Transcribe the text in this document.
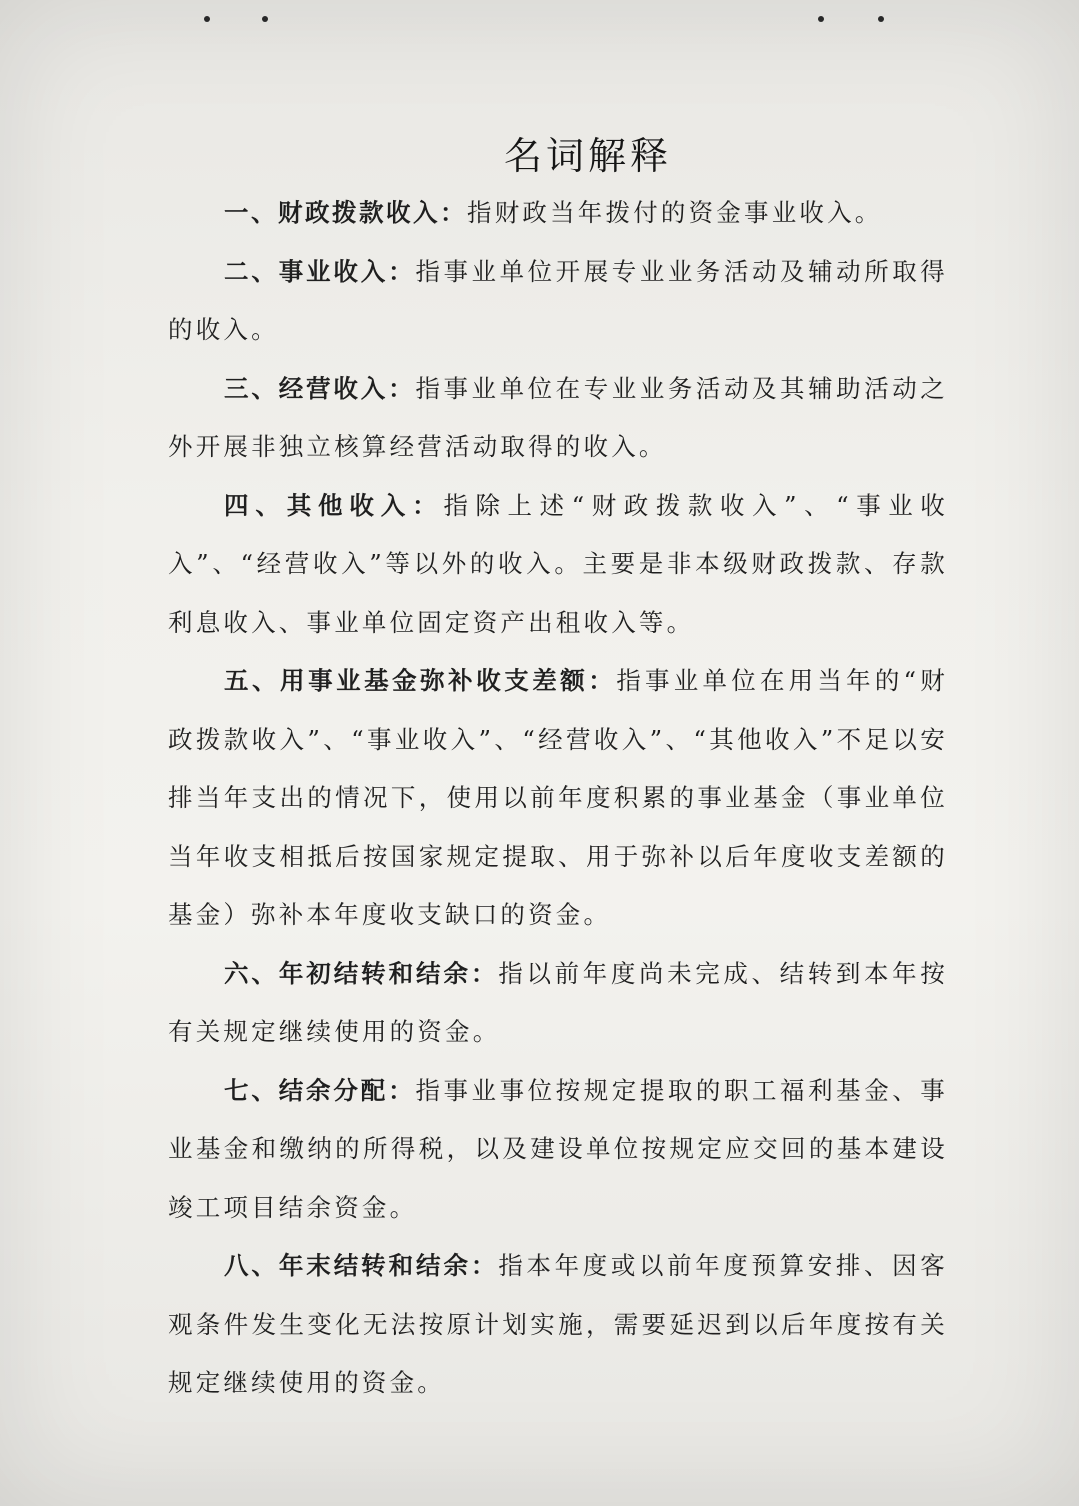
名词解释

一、财政拨款收入：指财政当年拨付的资金事业收入。

二、事业收入：指事业单位开展专业业务活动及辅动所取得的收入。

三、经营收入：指事业单位在专业业务活动及其辅助活动之外开展非独立核算经营活动取得的收入。

四、其他收入：指除上述“财政拨款收入”、“事业收入”、“经营收入”等以外的收入。主要是非本级财政拨款、存款利息收入、事业单位固定资产出租收入等。

五、用事业基金弥补收支差额：指事业单位在用当年的“财政拨款收入”、“事业收入”、“经营收入”、“其他收入”不足以安排当年支出的情况下，使用以前年度积累的事业基金（事业单位当年收支相抵后按国家规定提取、用于弥补以后年度收支差额的基金）弥补本年度收支缺口的资金。

六、年初结转和结余：指以前年度尚未完成、结转到本年按有关规定继续使用的资金。

七、结余分配：指事业事位按规定提取的职工福利基金、事业基金和缴纳的所得税，以及建设单位按规定应交回的基本建设竣工项目结余资金。

八、年末结转和结余：指本年度或以前年度预算安排、因客观条件发生变化无法按原计划实施，需要延迟到以后年度按有关规定继续使用的资金。
